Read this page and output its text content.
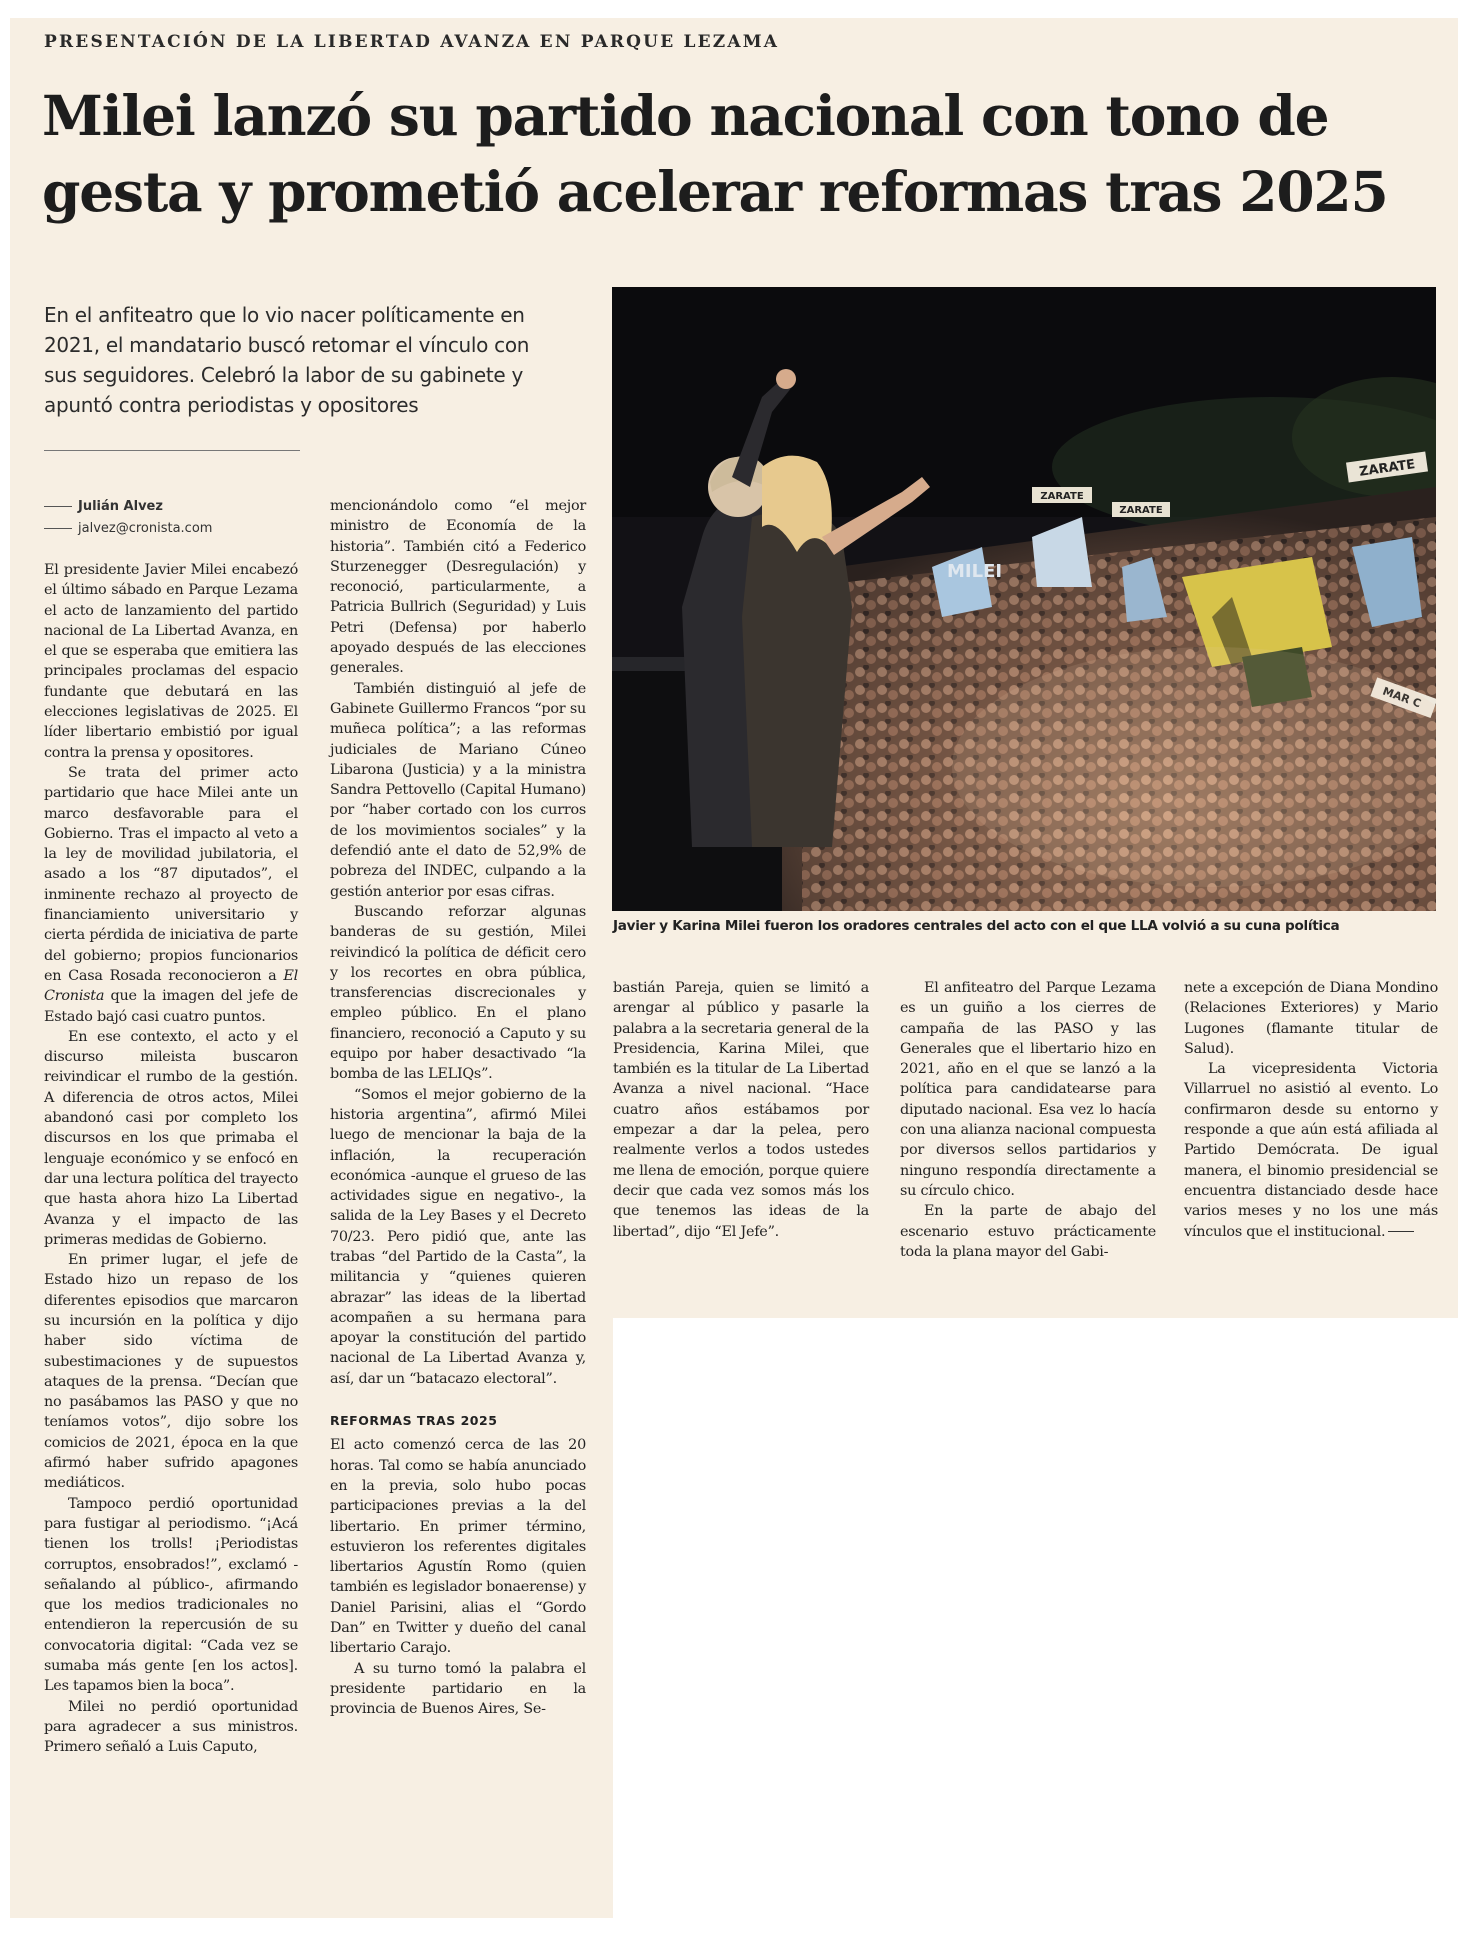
PRESENTACIÓN DE LA LIBERTAD AVANZA EN PARQUE LEZAMA
Milei lanzó su partido nacional con tono de
gesta y prometió acelerar reformas tras 2025
En el anfiteatro que lo vio nacer políticamente en
2021, el mandatario buscó retomar el vínculo con
sus seguidores. Celebró la labor de su gabinete y
apuntó contra periodistas y opositores
Julián Alvez
jalvez@cronista.com

El presidente Javier Milei encabezó el último sábado en Parque Lezama el acto de lanzamiento del partido nacional de La Libertad Avanza, en el que se esperaba que emitiera las principales proclamas del espacio fundante que debutará en las elecciones legislativas de 2025. El líder libertario embistió por igual contra la prensa y opositores.

Se trata del primer acto partidario que hace Milei ante un marco desfavorable para el Gobierno. Tras el impacto al veto a la ley de movilidad jubilatoria, el asado a los “87 diputados”, el inminente rechazo al proyecto de financiamiento universitario y cierta pérdida de iniciativa de parte del gobierno; propios funcionarios en Casa Rosada reconocieron a El Cronista que la imagen del jefe de Estado bajó casi cuatro puntos.

En ese contexto, el acto y el discurso mileista buscaron reivindicar el rumbo de la gestión. A diferencia de otros actos, Milei abandonó casi por completo los discursos en los que primaba el lenguaje económico y se enfocó en dar una lectura política del trayecto que hasta ahora hizo La Libertad Avanza y el impacto de las primeras medidas de Gobierno.

En primer lugar, el jefe de Estado hizo un repaso de los diferentes episodios que marcaron su incursión en la política y dijo haber sido víctima de subestimaciones y de supuestos ataques de la prensa. “Decían que no pasábamos las PASO y que no teníamos votos”, dijo sobre los comicios de 2021, época en la que afirmó haber sufrido apagones mediáticos.

Tampoco perdió oportunidad para fustigar al periodismo. “¡Acá tienen los trolls! ¡Periodistas corruptos, ensobrados!”, exclamó -señalando al público-, afirmando que los medios tradicionales no entendieron la repercusión de su convocatoria digital: “Cada vez se sumaba más gente [en los actos]. Les tapamos bien la boca”.

Milei no perdió oportunidad para agradecer a sus ministros. Primero señaló a Luis Caputo,

mencionándolo como “el mejor ministro de Economía de la historia”. También citó a Federico Sturzenegger (Desregulación) y reconoció, particularmente, a Patricia Bullrich (Seguridad) y Luis Petri (Defensa) por haberlo apoyado después de las elecciones generales.

También distinguió al jefe de Gabinete Guillermo Francos “por su muñeca política”; a las reformas judiciales de Mariano Cúneo Libarona (Justicia) y a la ministra Sandra Pettovello (Capital Humano) por “haber cortado con los curros de los movimientos sociales” y la defendió ante el dato de 52,9% de pobreza del INDEC, culpando a la gestión anterior por esas cifras.

Buscando reforzar algunas banderas de su gestión, Milei reivindicó la política de déficit cero y los recortes en obra pública, transferencias discrecionales y empleo público. En el plano financiero, reconoció a Caputo y su equipo por haber desactivado “la bomba de las LELIQs”.

“Somos el mejor gobierno de la historia argentina”, afirmó Milei luego de mencionar la baja de la inflación, la recuperación económica -aunque el grueso de las actividades sigue en negativo-, la salida de la Ley Bases y el Decreto 70/23. Pero pidió que, ante las trabas “del Partido de la Casta”, la militancia y “quienes quieren abrazar” las ideas de la libertad acompañen a su hermana para apoyar la constitución del partido nacional de La Libertad Avanza y, así, dar un “batacazo electoral”.

REFORMAS TRAS 2025

El acto comenzó cerca de las 20 horas. Tal como se había anunciado en la previa, solo hubo pocas participaciones previas a la del libertario. En primer término, estuvieron los referentes digitales libertarios Agustín Romo (quien también es legislador bonaerense) y Daniel Parisini, alias el “Gordo Dan” en Twitter y dueño del canal libertario Carajo.

A su turno tomó la palabra el presidente partidario en la provincia de Buenos Aires, Se-

ZARATE
ZARATE
ZARATE
MILEI
MAR C
Javier y Karina Milei fueron los oradores centrales del acto con el que LLA volvió a su cuna política

bastián Pareja, quien se limitó a arengar al público y pasarle la palabra a la secretaria general de la Presidencia, Karina Milei, que también es la titular de La Libertad Avanza a nivel nacional. “Hace cuatro años estábamos por empezar a dar la pelea, pero realmente verlos a todos ustedes me llena de emoción, porque quiere decir que cada vez somos más los que tenemos las ideas de la libertad”, dijo “El Jefe”.

El anfiteatro del Parque Lezama es un guiño a los cierres de campaña de las PASO y las Generales que el libertario hizo en 2021, año en el que se lanzó a la política para candidatearse para diputado nacional. Esa vez lo hacía con una alianza nacional compuesta por diversos sellos partidarios y ninguno respondía directamente a su círculo chico.

En la parte de abajo del escenario estuvo prácticamente toda la plana mayor del Gabi-

nete a excepción de Diana Mondino (Relaciones Exteriores) y Mario Lugones (flamante titular de Salud).

La vicepresidenta Victoria Villarruel no asistió al evento. Lo confirmaron desde su entorno y responde a que aún está afiliada al Partido Demócrata. De igual manera, el binomio presidencial se encuentra distanciado desde hace varios meses y no los une más vínculos que el institucional.
